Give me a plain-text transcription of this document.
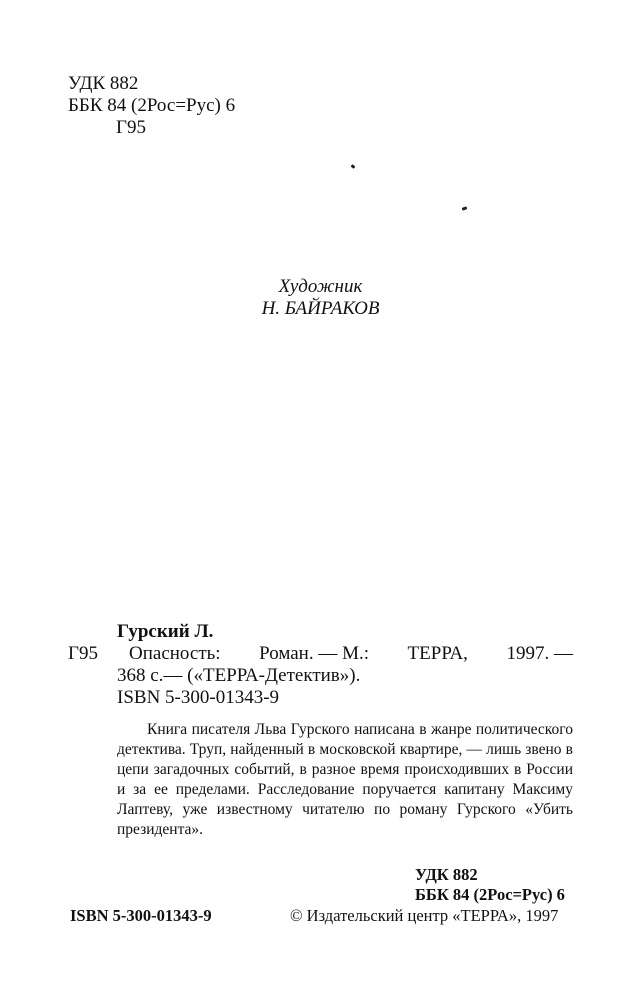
УДК 882
ББК 84 (2Рос=Рус) 6
Г95
Художник
Н. БАЙРАКОВ
Гурский Л.
Г95 Опасность: Роман. — М.: ТЕРРА, 1997. —
368 с.— («ТЕРРА-Детектив»).
ISBN 5-300-01343-9
Книга писателя Льва Гурского написана в жанре политического детектива. Труп, найденный в московской квартире, — лишь звено в цепи загадочных событий, в разное время происходивших в России и за ее пределами. Расследование поручается капитану Максиму Лаптеву, уже известному читателю по роману Гурского «Убить президента».
УДК 882
ББК 84 (2Рос=Рус) 6
ISBN 5-300-01343-9	© Издательский центр «ТЕРРА», 1997
